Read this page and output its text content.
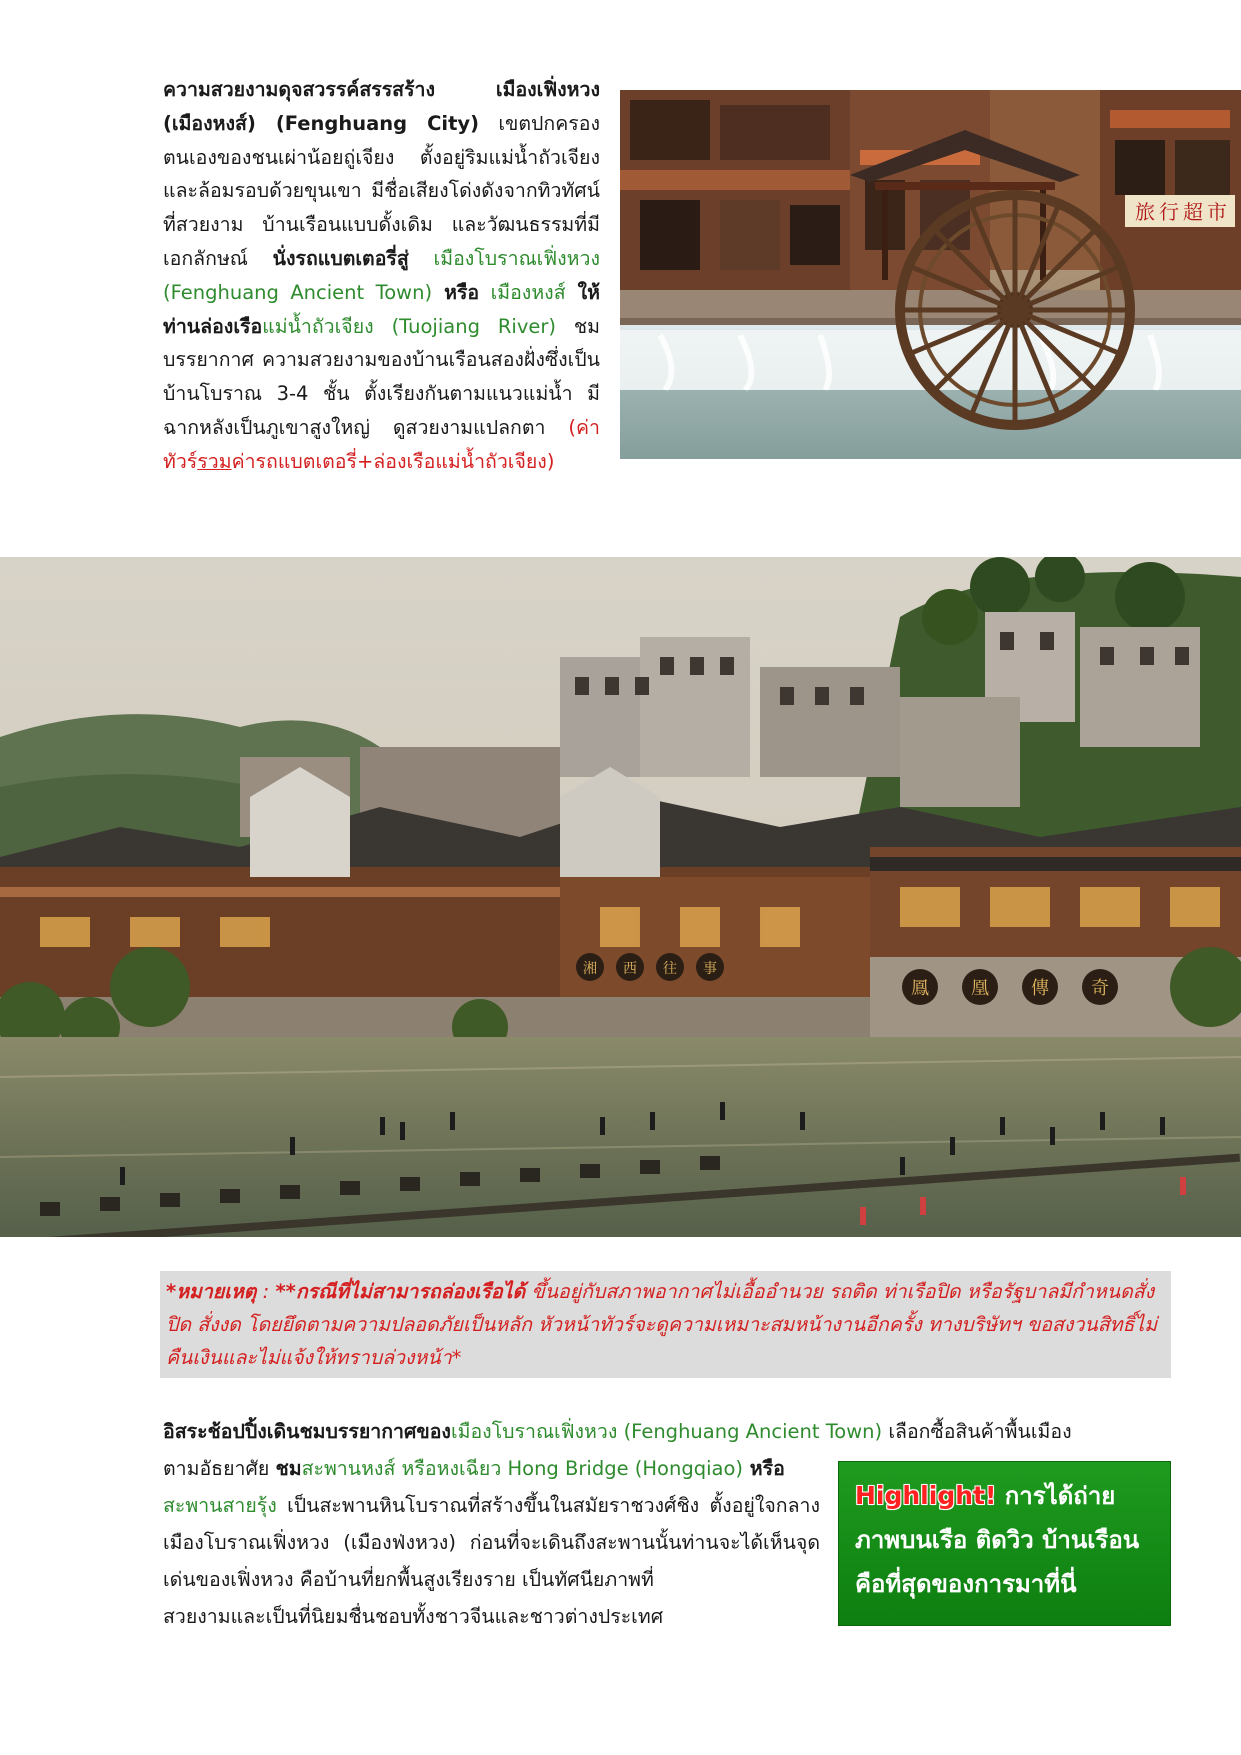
ความสวยงามดุจสวรรค์สรรสร้าง เมืองเฟิ่งหวง (เมืองหงส์) (Fenghuang City) เขตปกครองตนเองของชนเผ่าน้อยถู่เจียง ตั้งอยู่ริมแม่น้ำถัวเจียงและล้อมรอบด้วยขุนเขา มีชื่อเสียงโด่งดังจากทิวทัศน์ที่สวยงาม บ้านเรือนแบบดั้งเดิม และวัฒนธรรมที่มีเอกลักษณ์ นั่งรถแบตเตอรี่สู่ เมืองโบราณเฟิ่งหวง (Fenghuang Ancient Town) หรือ เมืองหงส์ ให้ท่านล่องเรือแม่น้ำถัวเจียง (Tuojiang River) ชมบรรยากาศ ความสวยงามของบ้านเรือนสองฝั่งซึ่งเป็นบ้านโบราณ 3-4 ชั้น ตั้งเรียงกันตามแนวแม่น้ำ มีฉากหลังเป็นภูเขาสูงใหญ่ ดูสวยงามแปลกตา (ค่าทัวร์รวมค่ารถแบตเตอรี่+ล่องเรือแม่น้ำถัวเจียง)
旅 行 超 市
湘 西 往 事
鳳 凰 傳 奇
*หมายเหตุ : **กรณีที่ไม่สามารถล่องเรือได้ ขึ้นอยู่กับสภาพอากาศไม่เอื้ออำนวย รถติด ท่าเรือปิด หรือรัฐบาลมีกำหนดสั่งปิด สั่งงด โดยยึดตามความปลอดภัยเป็นหลัก หัวหน้าทัวร์จะดูความเหมาะสมหน้างานอีกครั้ง ทางบริษัทฯ ขอสงวนสิทธิ์ไม่คืนเงินและไม่แจ้งให้ทราบล่วงหน้า*
อิสระช้อปปิ้งเดินชมบรรยากาศของเมืองโบราณเฟิ่งหวง (Fenghuang Ancient Town) เลือกซื้อสินค้าพื้นเมือง
ตามอัธยาศัย ชมสะพานหงส์ หรือหงเฉียว Hong Bridge (Hongqiao) หรือ
สะพานสายรุ้ง เป็นสะพานหินโบราณที่สร้างขึ้นในสมัยราชวงศ์ชิง ตั้งอยู่ใจกลางเมืองโบราณเฟิ่งหวง (เมืองฟ่งหวง) ก่อนที่จะเดินถึงสะพานนั้นท่านจะได้เห็นจุดเด่นของเฟิ่งหวง คือบ้านที่ยกพื้นสูงเรียงราย เป็นทัศนียภาพที่
สวยงามและเป็นที่นิยมชื่นชอบทั้งชาวจีนและชาวต่างประเทศ
Highlight! การได้ถ่ายภาพบนเรือ ติดวิว บ้านเรือน คือที่สุดของการมาที่นี่
